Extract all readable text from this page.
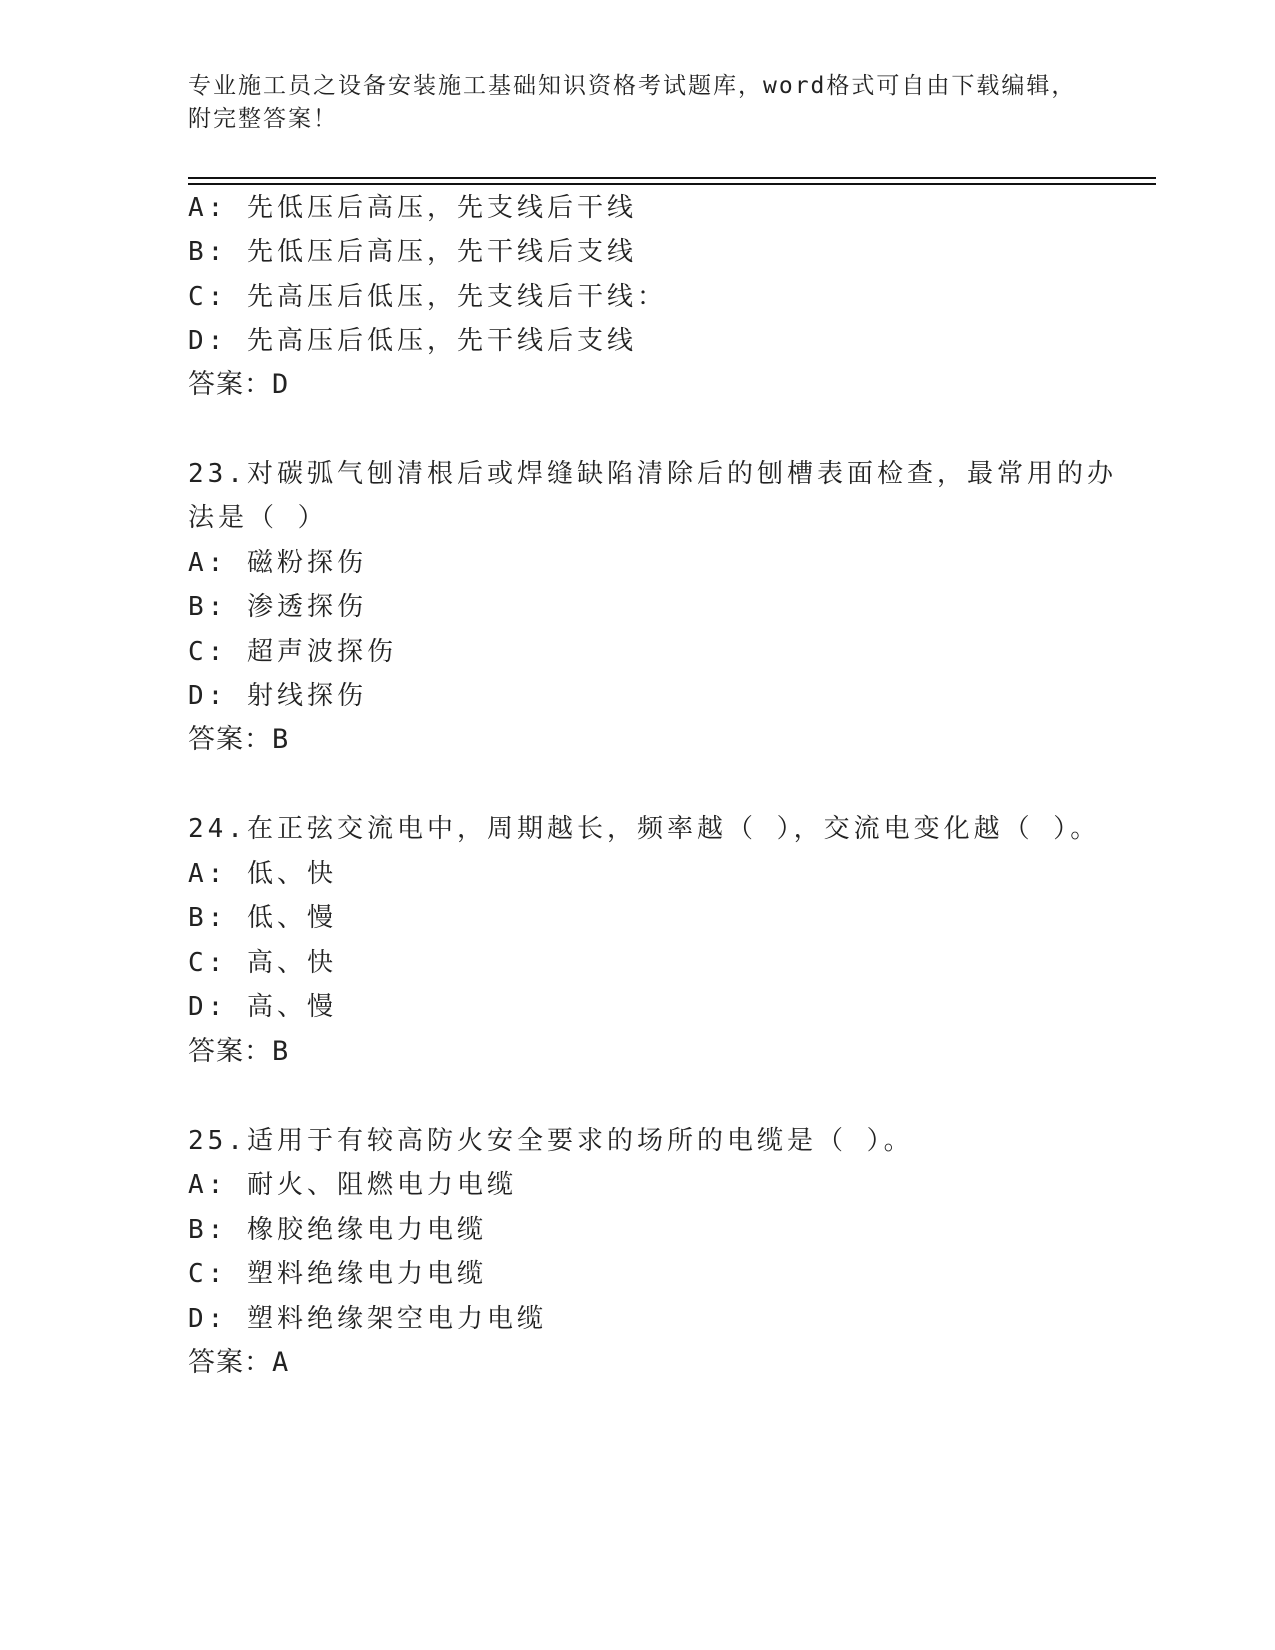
专业施工员之设备安装施工基础知识资格考试题库，word格式可自由下载编辑，
附完整答案！
A: 先低压后高压，先支线后干线
B: 先低压后高压，先干线后支线
C: 先高压后低压，先支线后干线：
D: 先高压后低压，先干线后支线
答案：D
23.对碳弧气刨清根后或焊缝缺陷清除后的刨槽表面检查，最常用的办
法是（ ）
A: 磁粉探伤
B: 渗透探伤
C: 超声波探伤
D: 射线探伤
答案：B
24.在正弦交流电中，周期越长，频率越（ ），交流电变化越（ ）。
A: 低、快
B: 低、慢
C: 高、快
D: 高、慢
答案：B
25.适用于有较高防火安全要求的场所的电缆是（ ）。
A: 耐火、阻燃电力电缆
B: 橡胶绝缘电力电缆
C: 塑料绝缘电力电缆
D: 塑料绝缘架空电力电缆
答案：A
